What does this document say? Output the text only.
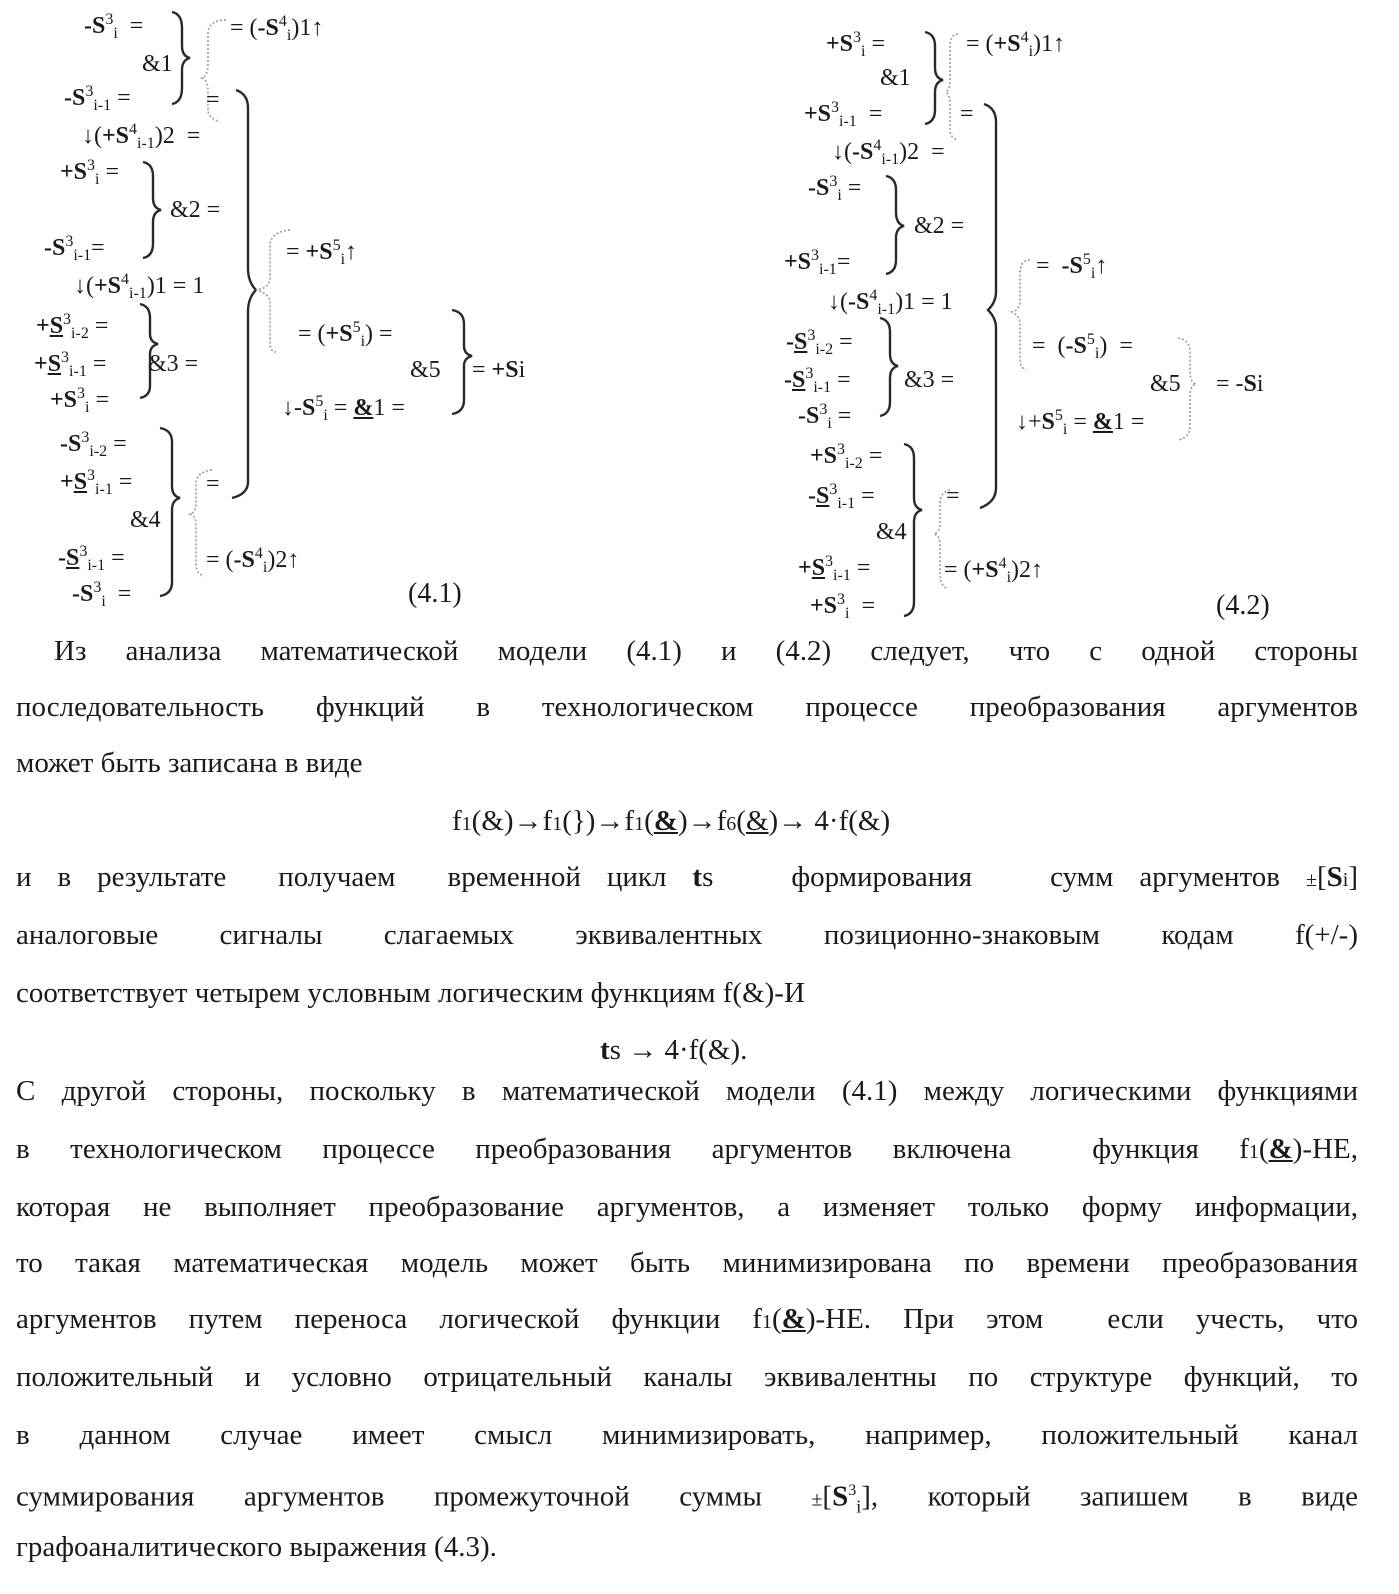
-S3i  =
&1
-S3i-1 =
= (-S4i)1↑
=
↓(+S4i-1)2  =
+S3i =
&2 =
-S3i-1=	= +S5i↑
↓(+S4i-1)1 = 1
= (+S5i) =
+S3i-2 =
+S3i-1 = &3 =
+S3i =
&5 = +Si
↓-S5i = &1 =
-S3i-2 =
+S3i-1 =	=
&4
-S3i-1 =	= (-S4i)2↑
-S3i  =	(4.1)
+S3i =
&1
+S3i-1  =
= (+S4i)1↑
=
↓(-S4i-1)2  =
-S3i =
&2 =
+S3i-1=	=  -S5i↑
↓(-S4i-1)1 = 1
=  (-S5i)  =
-S3i-2 =
-S3i-1 = &3 =
-S3i =
&5 = -Si
↓+S5i = &1 =
+S3i-2 =
-S3i-1 =	=
&4
+S3i-1 =	= (+S4i)2↑
+S3i  =	(4.2)
Из анализа математической модели (4.1) и (4.2) следует, что с одной стороны
последовательность функций в технологическом процессе преобразования аргументов
может быть записана в виде
f1(&)→f1(})→f1(&)→f6(&)→ 4·f(&)
и в результате  получаем  временной цикл ts   формирования   сумм аргументов ±[Si]
аналоговые сигналы слагаемых эквивалентных позиционно-знаковым кодам f(+/-)
соответствует четырем условным логическим функциям f(&)-И
ts → 4·f(&).
С другой стороны, поскольку в математической модели (4.1) между логическими функциями
в технологическом процессе преобразования аргументов включена  функция f1(&)-НЕ,
которая не выполняет преобразование аргументов, а изменяет только форму информации,
то такая математическая модель может быть минимизирована по времени преобразования
аргументов путем переноса логической функции f1(&)-НЕ. При этом  если учесть, что
положительный и условно отрицательный каналы эквивалентны по структуре функций, то
в данном случае имеет смысл минимизировать, например, положительный канал
суммирования аргументов промежуточной суммы ±[S3i], который запишем в виде
графоаналитического выражения (4.3).
